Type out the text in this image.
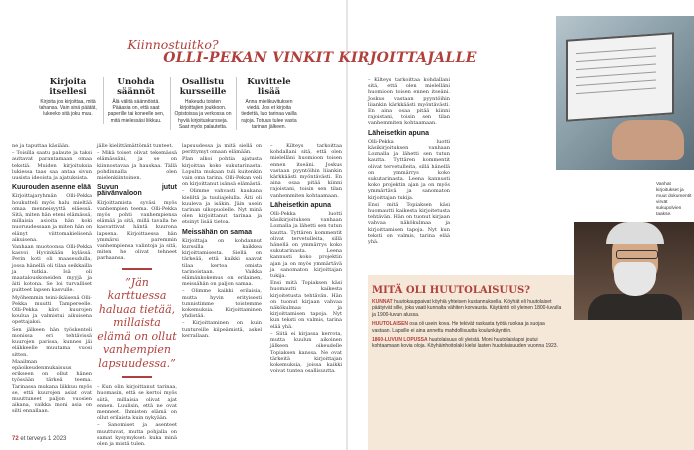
Kiinnostuitko?
OLLI-PEKAN VINKIT KIRJOITTAJALLE
Kirjoita itsellesi

Kirjoita jos kirjoittaa, mitä tahansa. Vain sinä päätät, lukeeko sitä joku muu.

Unohda säännöt

Älä välitä säännöistä. Pääasia on, että saat paperille tai koneelle sen, mitä mielessäsi liikkuu.

Osallistu kursseille

Hakeudu toisten kirjoittajien joukkoon. Opistoissa ja verkossa on hyviä kirjoituskursseja. Saat myös palautetta.

Kuvittele lisää

Anna mielikuvituksen viedä. Jos et kirjoita tiedettä, luo tarinaa vailla rajoja. Totuus tulee vasta tarinan jälkeen.

ne ja taputtaa käsiään.

– Toisilla saatu palaute ja taksi auttavat parantamaan omaa tekstiä. Muiden kirjoituksia lukiessa taas saa antaa sivun uusista ideoista ja ajatuksista.

Kuurouden asenne elää

Kirjoittajaryhmän Olli-Pekka houkutteli myös halu mieltää omaa menneisyyttä eläessä. Sitä, miten hän eteni elämässä, millaisia asioita hän koki nuoruudessaan ja miten hän on elänyt viittomakielisenä aikuisena.

Vanhaan muotoonsa Olli-Pekka kasvoi Hyvinkään kylässä. Perin koti oli maaseudulla, jossa hänellä oli tilaa seikkailla ja tutkia. Isä oli maatalouskoneiden myyjä ja äiti kotona. Se loi turvalliset puitteet lapsen kasvulle.

Myöhemmin teini-ikäisenä Olli-Pekka muutti Tampereelle. Olli-Pekka kävi kuurojen koulua ja valmistui aikuisena opettajaksi.

Sen jälkeen hän työskenteli monissa eri tehtävissä kuurojen parissa, kunnes jäi eläkkeelle muutama vuosi sitten.

Maailman epäoikeudenmukaisuus erikseen on ollut hänen työssään tärkeä teema. Tarinassa mukana liikkuu myös se, että kuurojen asiat ovat muuttuneet paljon vuosien aikana, vaikka moni asia on silti ennallaan.

jälle kielittämättömät tunteet.

– Mikä toiset olivat tekemässä elämässäni, ja se on kiinnostavaa ja hauskaa. Tällä pohdinnalla olen mielenkiintoinen.

Suvun jutut päivänvaloon

Kirjoittamista syväsi myös vanhempien teema. Olli-Pekka myös pohti vanhempiensa elämää ja sitä, millä tavalla he kasvattivat häntä kuurona lapsena. Kirjoittaessa hän ymmärsi paremmin vanhempiensa valintoja ja sitä, miten he olivat tehneet parhaansa.

”Jän karttuessa haluaa tietää, millaista elämä on ollut vanhempien lapsuudessa.”

– Kun olin kirjoittanut tarinaa, huomasin, että se kertoi myös siitä, millaisia olivat ajat ennen. Luulisin, että ne ovat menneet. Ihmisten elämä on ollut erilaista kuin nykyään.

– Sanomiset ja asenteet muuttuvat, mutta pohjalla on samat kysymykset: kuka minä olen ja mistä tulen.

lapsuudessa ja mitä siellä on perittymyt omaan elämään.

Plan alkoi pohtia ajatusta kirjoittaa koko sukutarinasta. Lopulta mukaan tuli kuitenkin vain oma tarina. Olli-Pekan veli on kirjoittanut isänsä elämästä.

– Olimme vahvasti kaukana kieliltä ja tuuliajelulla. Äiti oli kuuleva ja isäkin. Jäin usein tarinan ulkopuolelle. Nyt minä olen kirjoittanut tarinaa ja etsinyt lisää tietoa.

Meissähän on samaa

Kirjoittaja on kohdannut kurssilla kaikkea kirjoittamisesta. Siellä on tärkeää, että kaikki saavat tilaa kertoa omista tarinoistaan. Vaikka elämänkokemus on erilainen, meissähän on paljon samaa.

– Olimme kaikki erilaisia, mutta hyvin erityisesti tunnistimme toistemme kokemuksia. Kirjoittaminen yhdistää.

– Kirjoittaminen on kuin tuntureille kiipeämistä, askel kerrallaan.

– Kilteys tarkoittaa kohdallani sitä, että olen mielelläni huomioon toisen ennen itseäni. Joskus vastaan pyyntöihin liiankin kärkkäästi myöntävästi. En aina osaa pitää kiinni rajoistani, toisin sen tilan vanhemmiten kohtaamaan.

Läheisetkin apuna

Olli-Pekka luotti käsikirjoituksen vanhaan Loznalla ja lähetti sen tutun kautta. Tyttären kommentit olivat tervetulleita, sillä hänellä on ymmärrys koko sukutarinasta. Leena kannusti koko projektin ajan ja on myös ymmärtävä ja sanomaton kirjoittajan tukija.

Ensi mitä Topiaksen käsi huomautti kaikesta kirjoitetusta tehtävän. Hän on tuonut kirjaan vahvaa näkökulmaa ja kirjoittamisen tapoja. Nyt kun teksti on valmis, tarina elää yhä.

– Siitä ei kirjassa kerrota, mutta kuulun aikoinen jälkeen oikeudelle Topiaksen kanssa. Ne ovat tärkeitä kirjoittajan kokemuksia, joissa kaikki voivat tuntea osallisuutta.

– Kilteys tarkoittaa kohdallani sitä, että olen mielelläni huomioon toisen ennen itseäni. Joskus vastaan pyyntöihin liiankin kärkkäästi myöntävästi. En aina osaa pitää kiinni rajoistani, toisin sen tilan vanhemmiten kohtaamaan.

Läheisetkin apuna

Olli-Pekka luotti käsikirjoituksen vanhaan Loznalla ja lähetti sen tutun kautta. Tyttären kommentit olivat tervetulleita, sillä hänellä on ymmärrys koko sukutarinasta. Leena kannusti koko projektin ajan ja on myös ymmärtävä ja sanomaton kirjoittajan tukija.

Ensi mitä Topiaksen käsi huomautti kaikesta kirjoitetusta tehtävän. Hän on tuonut kirjaan vahvaa näkökulmaa ja kirjoittamisen tapoja. Nyt kun teksti on valmis, tarina elää yhä.

Vanhat kirjoitukset ja muut dokumentit virvät sukupolvien taakse.
MITÄ OLI HUUTOLAISUUS?

KUNNAT huutokauppaivat köyhiä yhteisen kustannuksella. Köyhät eli huutolaiset päätyivät sille, joka vaati kunnalta vähiten korvausta. Käytäntö oli yleinen 1800-luvulla ja 1900-luvun alussa.

HUUTOLAISEN osa oli usein kova. He tekivät raskasta työtä ruokaa ja suojaa vastaan. Lapsille ei aina annettu mahdollisuutta koulunkäyntiin.

1860-LUVUN LOPUSSA huutolaisuus oli yleistä. Moni huutolaislapsi joutui kohtaamaan kovia oloja. Köyhäinhoitolaki kielsi lasten huutolaisuuden vuonna 1923.

72 et terveys 1 2023
